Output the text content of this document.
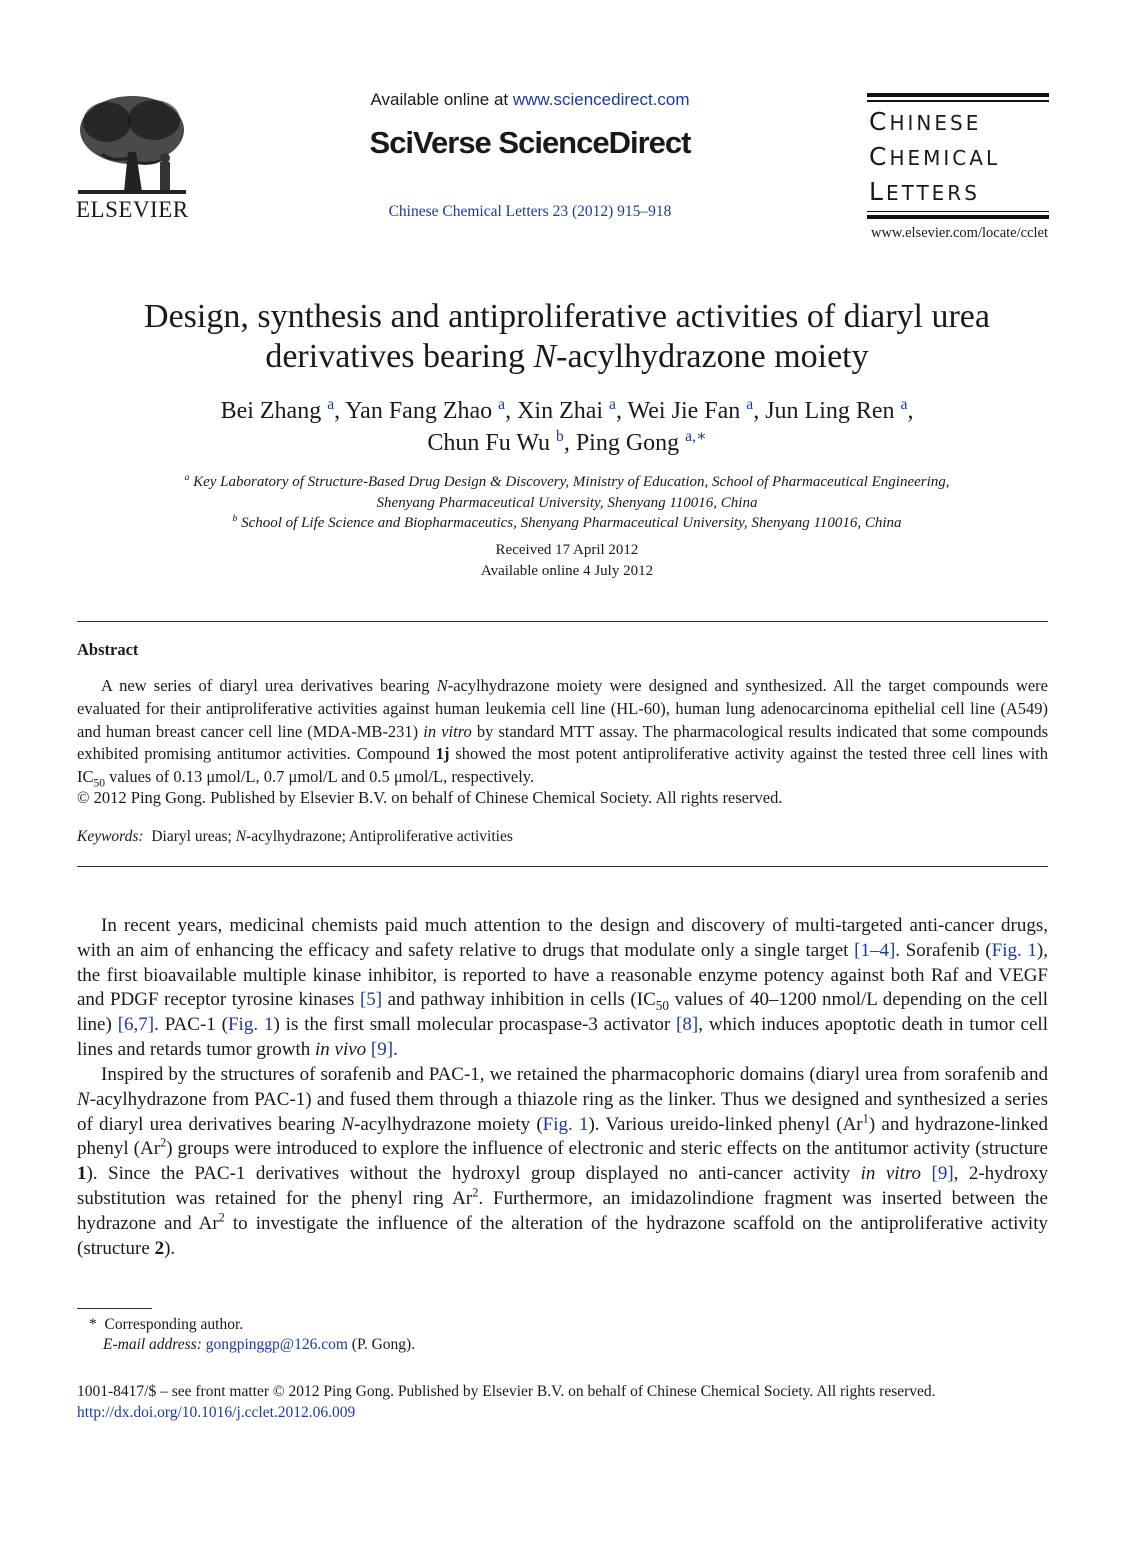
ELSEVIER
Available online at www.sciencedirect.com
SciVerse ScienceDirect
Chinese Chemical Letters 23 (2012) 915–918
CHINESE
CHEMICAL
LETTERS
www.elsevier.com/locate/cclet
Design, synthesis and antiproliferative activities of diaryl urea
derivatives bearing N-acylhydrazone moiety
Bei Zhang $^a$, Yan Fang Zhao $^a$, Xin Zhai $^a$, Wei Jie Fan $^a$, Jun Ling Ren $^a$,
Chun Fu Wu $^b$, Ping Gong $^{a,∗}$
$^a$ Key Laboratory of Structure-Based Drug Design & Discovery, Ministry of Education, School of Pharmaceutical Engineering,
Shenyang Pharmaceutical University, Shenyang 110016, China
$^b$ School of Life Science and Biopharmaceutics, Shenyang Pharmaceutical University, Shenyang 110016, China
Received 17 April 2012
Available online 4 July 2012
Abstract
A new series of diaryl urea derivatives bearing N-acylhydrazone moiety were designed and synthesized. All the target compounds were evaluated for their antiproliferative activities against human leukemia cell line (HL-60), human lung adenocarcinoma epithelial cell line (A549) and human breast cancer cell line (MDA-MB-231) in vitro by standard MTT assay. The pharmacological results indicated that some compounds exhibited promising antitumor activities. Compound 1j showed the most potent antiproliferative activity against the tested three cell lines with $IC_{50}$ values of 0.13 μmol/L, 0.7 μmol/L and 0.5 μmol/L, respectively.
© 2012 Ping Gong. Published by Elsevier B.V. on behalf of Chinese Chemical Society. All rights reserved.
Keywords: Diaryl ureas; N-acylhydrazone; Antiproliferative activities
In recent years, medicinal chemists paid much attention to the design and discovery of multi-targeted anti-cancer drugs, with an aim of enhancing the efficacy and safety relative to drugs that modulate only a single target [1–4]. Sorafenib (Fig. 1), the first bioavailable multiple kinase inhibitor, is reported to have a reasonable enzyme potency against both Raf and VEGF and PDGF receptor tyrosine kinases [5] and pathway inhibition in cells ($IC_{50}$ values of 40–1200 nmol/L depending on the cell line) [6,7]. PAC-1 (Fig. 1) is the first small molecular procaspase-3 activator [8], which induces apoptotic death in tumor cell lines and retards tumor growth in vivo [9].
Inspired by the structures of sorafenib and PAC-1, we retained the pharmacophoric domains (diaryl urea from sorafenib and N-acylhydrazone from PAC-1) and fused them through a thiazole ring as the linker. Thus we designed and synthesized a series of diaryl urea derivatives bearing N-acylhydrazone moiety (Fig. 1). Various ureido-linked phenyl (Ar$^1$) and hydrazone-linked phenyl (Ar$^2$) groups were introduced to explore the influence of electronic and steric effects on the antitumor activity (structure 1). Since the PAC-1 derivatives without the hydroxyl group displayed no anti-cancer activity in vitro [9], 2-hydroxy substitution was retained for the phenyl ring Ar$^2$. Furthermore, an imidazolindione fragment was inserted between the hydrazone and Ar$^2$ to investigate the influence of the alteration of the hydrazone scaffold on the antiproliferative activity (structure 2).
* Corresponding author.
E-mail address: gongpinggp@126.com (P. Gong).
1001-8417/$ – see front matter © 2012 Ping Gong. Published by Elsevier B.V. on behalf of Chinese Chemical Society. All rights reserved.
http://dx.doi.org/10.1016/j.cclet.2012.06.009
